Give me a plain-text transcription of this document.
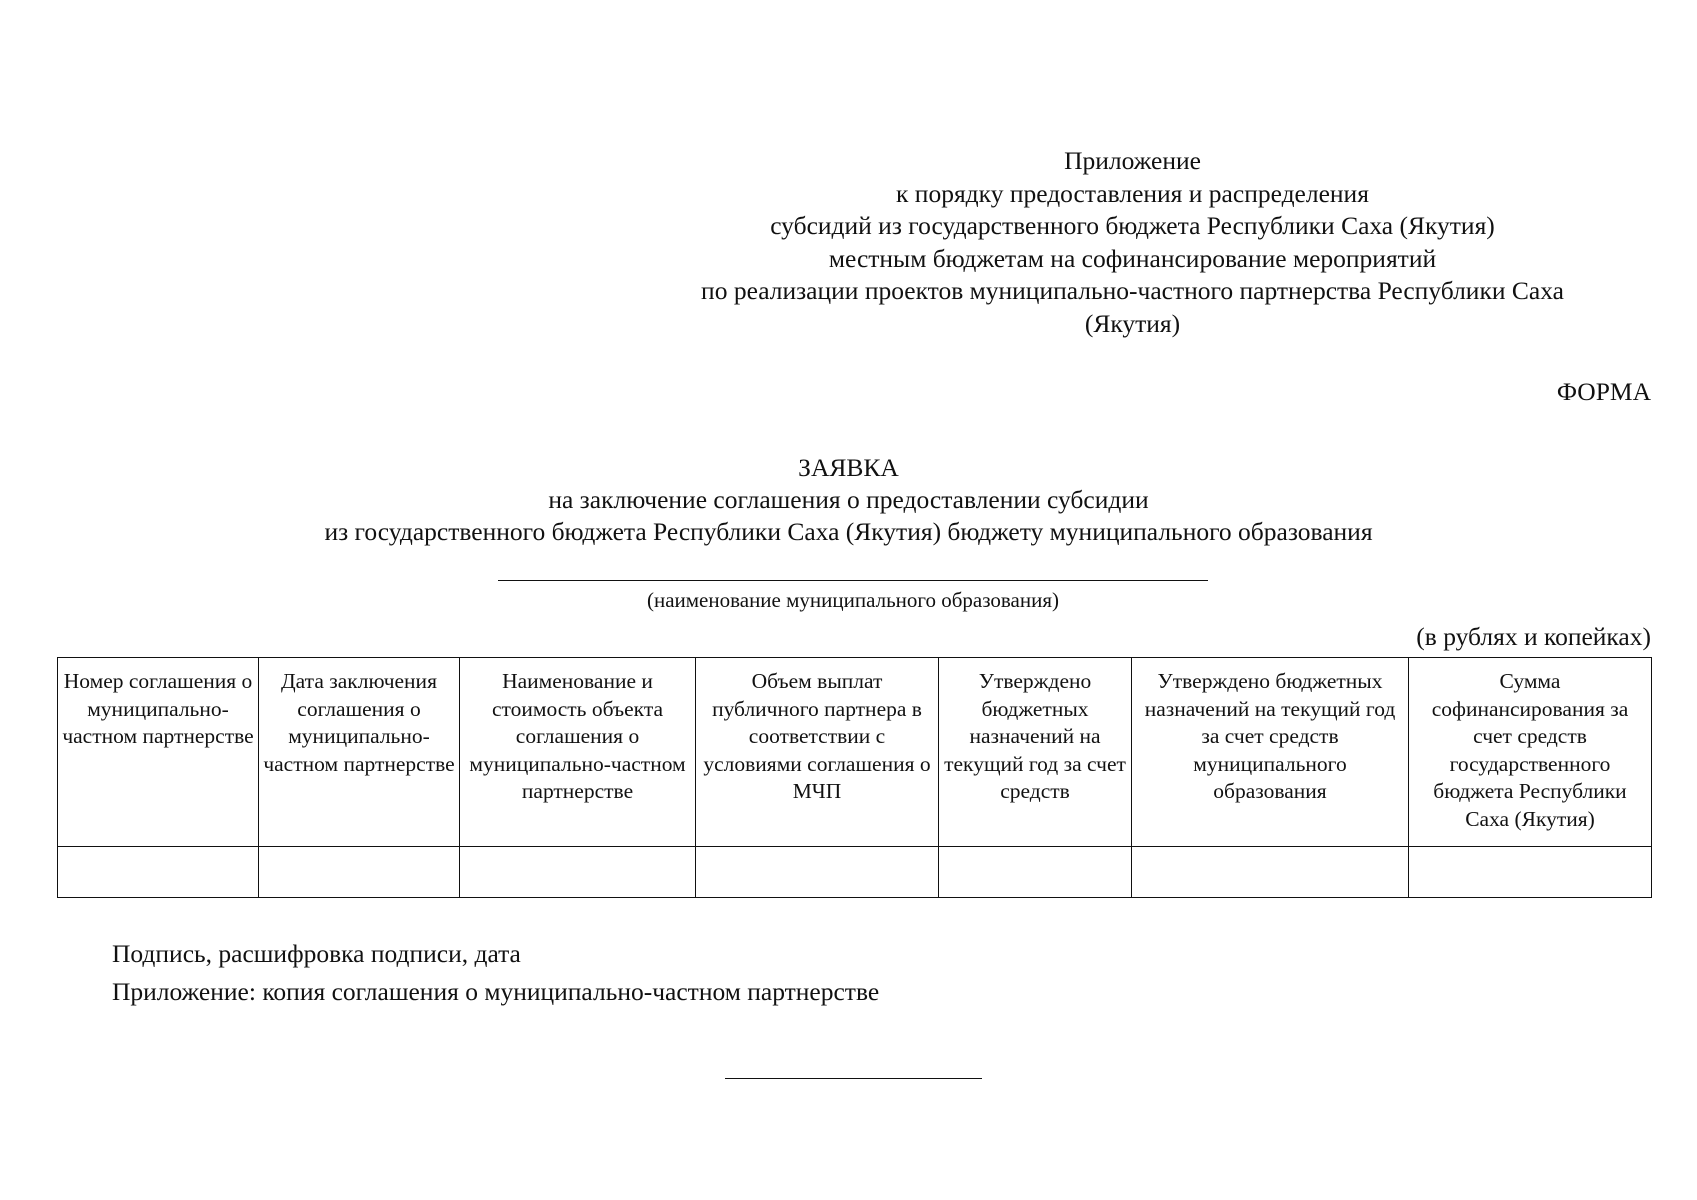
Приложение
к порядку предоставления и распределения
субсидий из государственного бюджета Республики Саха (Якутия)
местным бюджетам на софинансирование мероприятий
по реализации проектов муниципально-частного партнерства Республики Саха
(Якутия)
ФОРМА
ЗАЯВКА
на заключение соглашения о предоставлении субсидии
из государственного бюджета Республики Саха (Якутия) бюджету муниципального образования
(наименование муниципального образования)
(в рублях и копейках)
Номер соглашения о муниципально-частном партнерстве	Дата заключения соглашения о муниципально-частном партнерстве	Наименование и стоимость объекта соглашения о муниципально-частном партнерстве	Объем выплат публичного партнера в соответствии с условиями соглашения о МЧП	Утверждено бюджетных назначений на текущий год за счет средств	Утверждено бюджетных назначений на текущий год за счет средств муниципального образования	Сумма софинансирования за счет средств государственного бюджета Республики Саха (Якутия)

Подпись, расшифровка подписи, дата
Приложение: копия соглашения о муниципально-частном партнерстве
